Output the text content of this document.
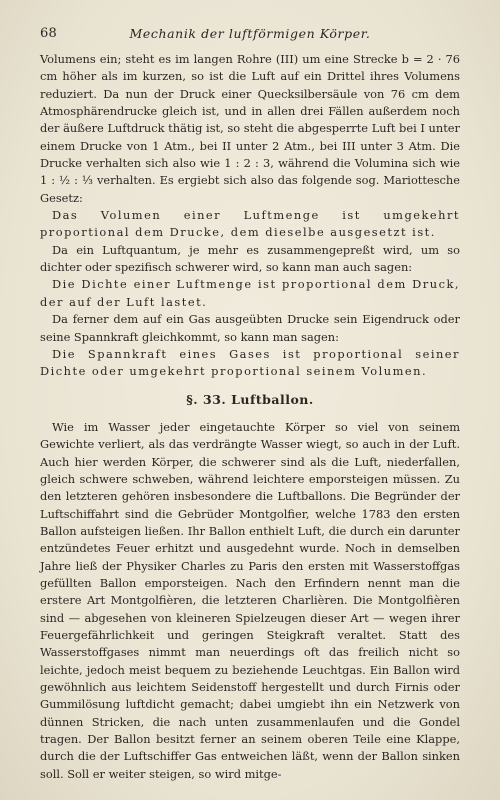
68	Mechanik der luftförmigen Körper.

Volumens ein; steht es im langen Rohre (III) um eine Strecke b = 2 · 76 cm höher als im kurzen, so ist die Luft auf ein Drittel ihres Volumens reduziert. Da nun der Druck einer Quecksilbersäule von 76 cm dem Atmosphärendrucke gleich ist, und in allen drei Fällen außerdem noch der äußere Luftdruck thätig ist, so steht die abgesperrte Luft bei I unter einem Drucke von 1 Atm., bei II unter 2 Atm., bei III unter 3 Atm. Die Drucke verhalten sich also wie 1 : 2 : 3, während die Volumina sich wie 1 : ½ : ⅓ verhalten. Es ergiebt sich also das folgende sog. Mariottesche Gesetz:

Das Volumen einer Luftmenge ist umgekehrt proportional dem Drucke, dem dieselbe ausgesetzt ist.

Da ein Luftquantum, je mehr es zusammengepreßt wird, um so dichter oder spezifisch schwerer wird, so kann man auch sagen:

Die Dichte einer Luftmenge ist proportional dem Druck, der auf der Luft lastet.

Da ferner dem auf ein Gas ausgeübten Drucke sein Eigendruck oder seine Spannkraft gleichkommt, so kann man sagen:

Die Spannkraft eines Gases ist proportional seiner Dichte oder umgekehrt proportional seinem Volumen.

§. 33. Luftballon.

Wie im Wasser jeder eingetauchte Körper so viel von seinem Gewichte verliert, als das verdrängte Wasser wiegt, so auch in der Luft. Auch hier werden Körper, die schwerer sind als die Luft, niederfallen, gleich schwere schweben, während leichtere emporsteigen müssen. Zu den letzteren gehören insbesondere die Luftballons. Die Begründer der Luftschiffahrt sind die Gebrüder Montgolfier, welche 1783 den ersten Ballon aufsteigen ließen. Ihr Ballon enthielt Luft, die durch ein darunter entzündetes Feuer erhitzt und ausgedehnt wurde. Noch in demselben Jahre ließ der Physiker Charles zu Paris den ersten mit Wasserstoffgas gefüllten Ballon emporsteigen. Nach den Erfindern nennt man die erstere Art Montgolfièren, die letzteren Charlièren. Die Montgolfièren sind — abgesehen von kleineren Spielzeugen dieser Art — wegen ihrer Feuergefährlichkeit und geringen Steigkraft veraltet. Statt des Wasserstoffgases nimmt man neuerdings oft das freilich nicht so leichte, jedoch meist bequem zu beziehende Leuchtgas. Ein Ballon wird gewöhnlich aus leichtem Seidenstoff hergestellt und durch Firnis oder Gummilösung luftdicht gemacht; dabei umgiebt ihn ein Netzwerk von dünnen Stricken, die nach unten zusammenlaufen und die Gondel tragen. Der Ballon besitzt ferner an seinem oberen Teile eine Klappe, durch die der Luftschiffer Gas entweichen läßt, wenn der Ballon sinken soll. Soll er weiter steigen, so wird mitge-
